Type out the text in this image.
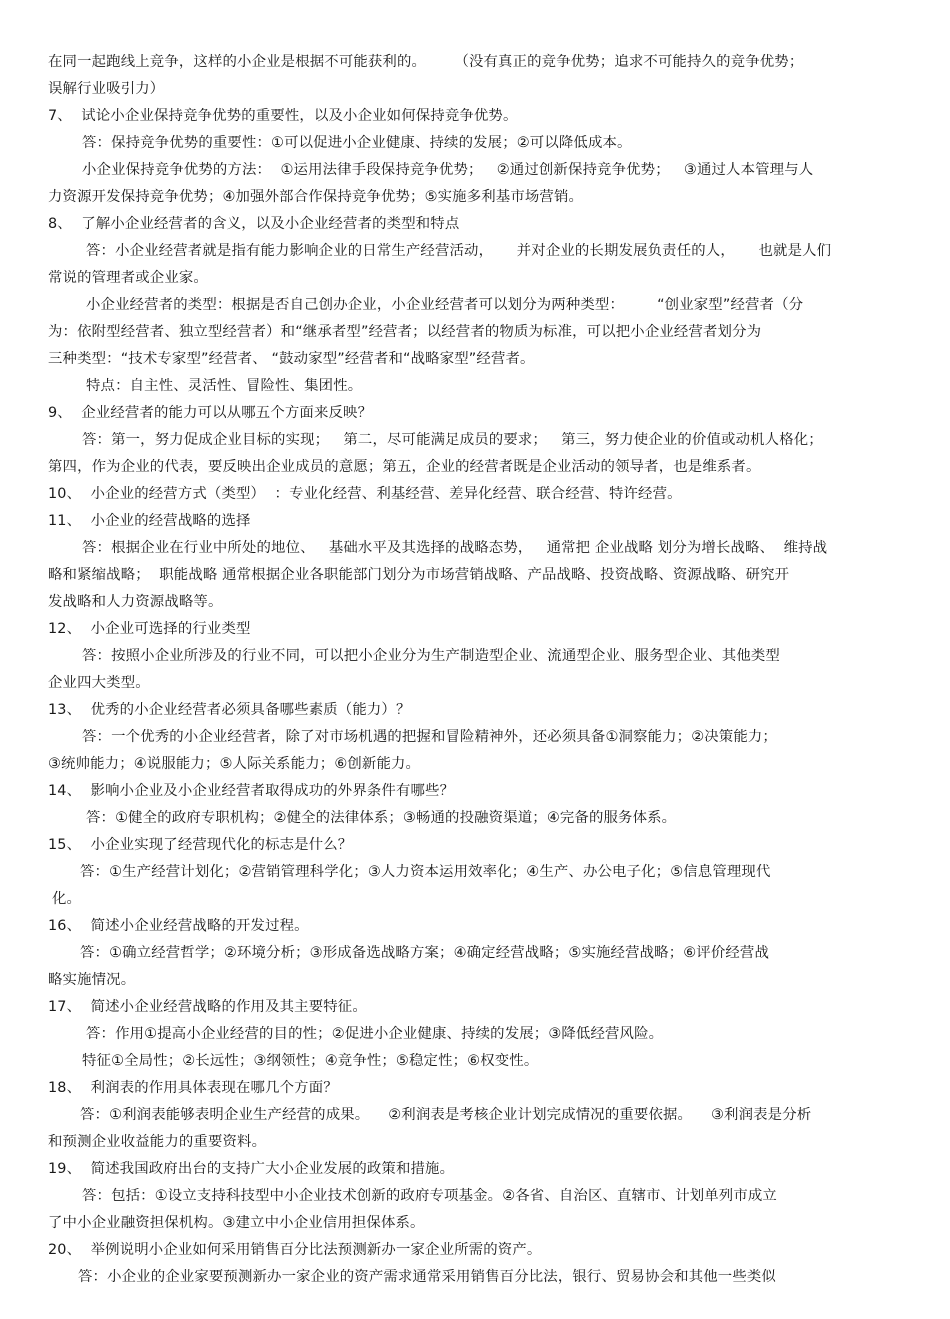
在同一起跑线上竞争，这样的小企业是根据不可能获利的。      （没有真正的竞争优势；追求不可能持久的竞争优势；
误解行业吸引力）
7、  试论小企业保持竞争优势的重要性，以及小企业如何保持竞争优势。
答：保持竞争优势的重要性：①可以促进小企业健康、持续的发展；②可以降低成本。
小企业保持竞争优势的方法：  ①运用法律手段保持竞争优势；   ②通过创新保持竞争优势；   ③通过人本管理与人
力资源开发保持竞争优势；④加强外部合作保持竞争优势；⑤实施多利基市场营销。
8、  了解小企业经营者的含义，以及小企业经营者的类型和特点
答：小企业经营者就是指有能力影响企业的日常生产经营活动，     并对企业的长期发展负责任的人，     也就是人们
常说的管理者或企业家。
小企业经营者的类型：根据是否自己创办企业，小企业经营者可以划分为两种类型：       “创业家型”经营者（分
为：依附型经营者、独立型经营者）和“继承者型”经营者；以经营者的物质为标准，可以把小企业经营者划分为
三种类型：“技术专家型”经营者、 “鼓动家型”经营者和“战略家型”经营者。
特点：自主性、灵活性、冒险性、集团性。
9、  企业经营者的能力可以从哪五个方面来反映？
答：第一，努力促成企业目标的实现；   第二，尽可能满足成员的要求；   第三，努力使企业的价值或动机人格化；
第四，作为企业的代表，要反映出企业成员的意愿；第五，企业的经营者既是企业活动的领导者，也是维系者。
10、  小企业的经营方式（类型）  ：专业化经营、利基经营、差异化经营、联合经营、特许经营。
11、  小企业的经营战略的选择
答：根据企业在行业中所处的地位、   基础水平及其选择的战略态势，   通常把 企业战略 划分为增长战略、  维持战
略和紧缩战略；  职能战略 通常根据企业各职能部门划分为市场营销战略、产品战略、投资战略、资源战略、研究开
发战略和人力资源战略等。
12、  小企业可选择的行业类型
答：按照小企业所涉及的行业不同，可以把小企业分为生产制造型企业、流通型企业、服务型企业、其他类型
企业四大类型。
13、  优秀的小企业经营者必须具备哪些素质（能力）？
答：一个优秀的小企业经营者，除了对市场机遇的把握和冒险精神外，还必须具备①洞察能力；②决策能力；
③统帅能力；④说服能力；⑤人际关系能力；⑥创新能力。
14、  影响小企业及小企业经营者取得成功的外界条件有哪些？
答：①健全的政府专职机构；②健全的法律体系；③畅通的投融资渠道；④完备的服务体系。
15、  小企业实现了经营现代化的标志是什么？
答：①生产经营计划化；②营销管理科学化；③人力资本运用效率化；④生产、办公电子化；⑤信息管理现代
化。
16、  简述小企业经营战略的开发过程。
答：①确立经营哲学；②环境分析；③形成备选战略方案；④确定经营战略；⑤实施经营战略；⑥评价经营战
略实施情况。
17、  简述小企业经营战略的作用及其主要特征。
答：作用①提高小企业经营的目的性；②促进小企业健康、持续的发展；③降低经营风险。
特征①全局性；②长远性；③纲领性；④竞争性；⑤稳定性；⑥权变性。
18、  利润表的作用具体表现在哪几个方面？
答：①利润表能够表明企业生产经营的成果。    ②利润表是考核企业计划完成情况的重要依据。    ③利润表是分析
和预测企业收益能力的重要资料。
19、  简述我国政府出台的支持广大小企业发展的政策和措施。
答：包括：①设立支持科技型中小企业技术创新的政府专项基金。②各省、自治区、直辖市、计划单列市成立
了中小企业融资担保机构。③建立中小企业信用担保体系。
20、  举例说明小企业如何采用销售百分比法预测新办一家企业所需的资产。
答：小企业的企业家要预测新办一家企业的资产需求通常采用销售百分比法，银行、贸易协会和其他一些类似
